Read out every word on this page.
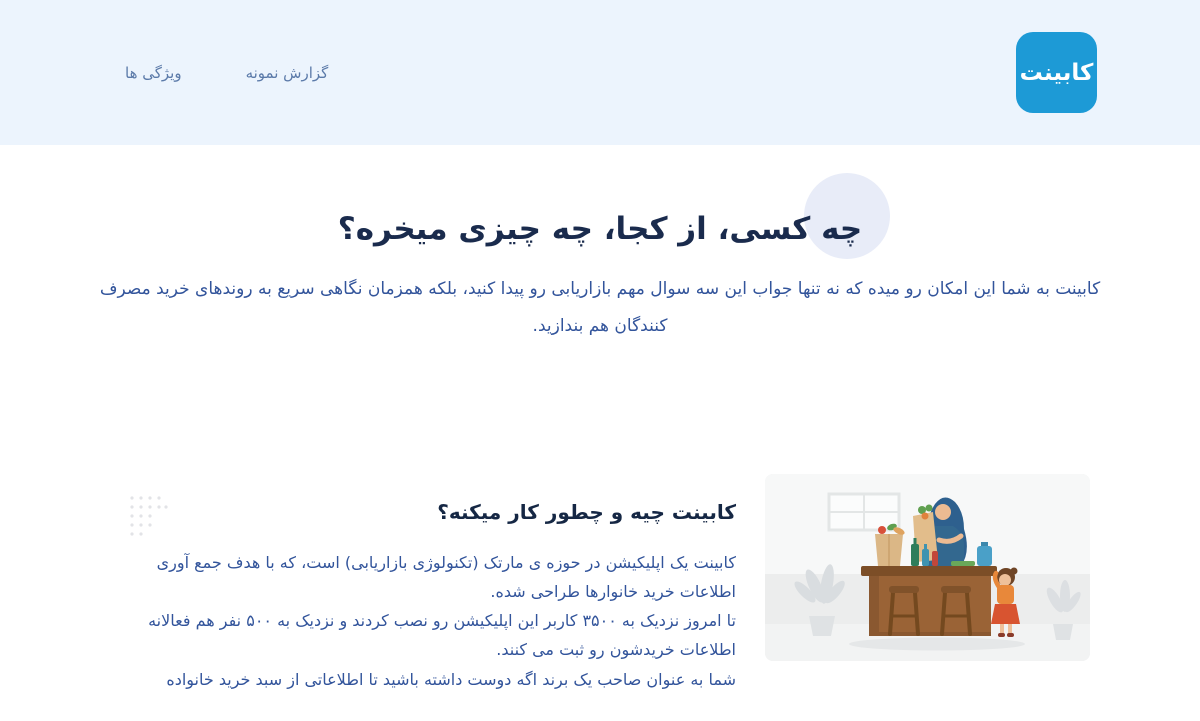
کابینت
گزارش نمونه
ویژگی ها
چه کسی، از کجا، چه چیزی میخره؟

کابینت به شما این امکان رو میده که نه تنها جواب این سه سوال مهم بازاریابی رو پیدا کنید، بلکه همزمان نگاهی سریع به روندهای خرید مصرف کنندگان هم بندازید.

کابینت چیه و چطور کار میکنه؟

کابینت یک اپلیکیشن در حوزه ی مارتک (تکنولوژی بازاریابی) است، که با هدف جمع آوری اطلاعات خرید خانوارها طراحی شده.

تا امروز نزدیک به ۳۵۰۰ کاربر این اپلیکیشن رو نصب کردند و نزدیک به ۵۰۰ نفر هم فعالانه اطلاعات خریدشون رو ثبت می کنند.

شما به عنوان صاحب یک برند اگه دوست داشته باشید تا اطلاعاتی از سبد خرید خانواده
